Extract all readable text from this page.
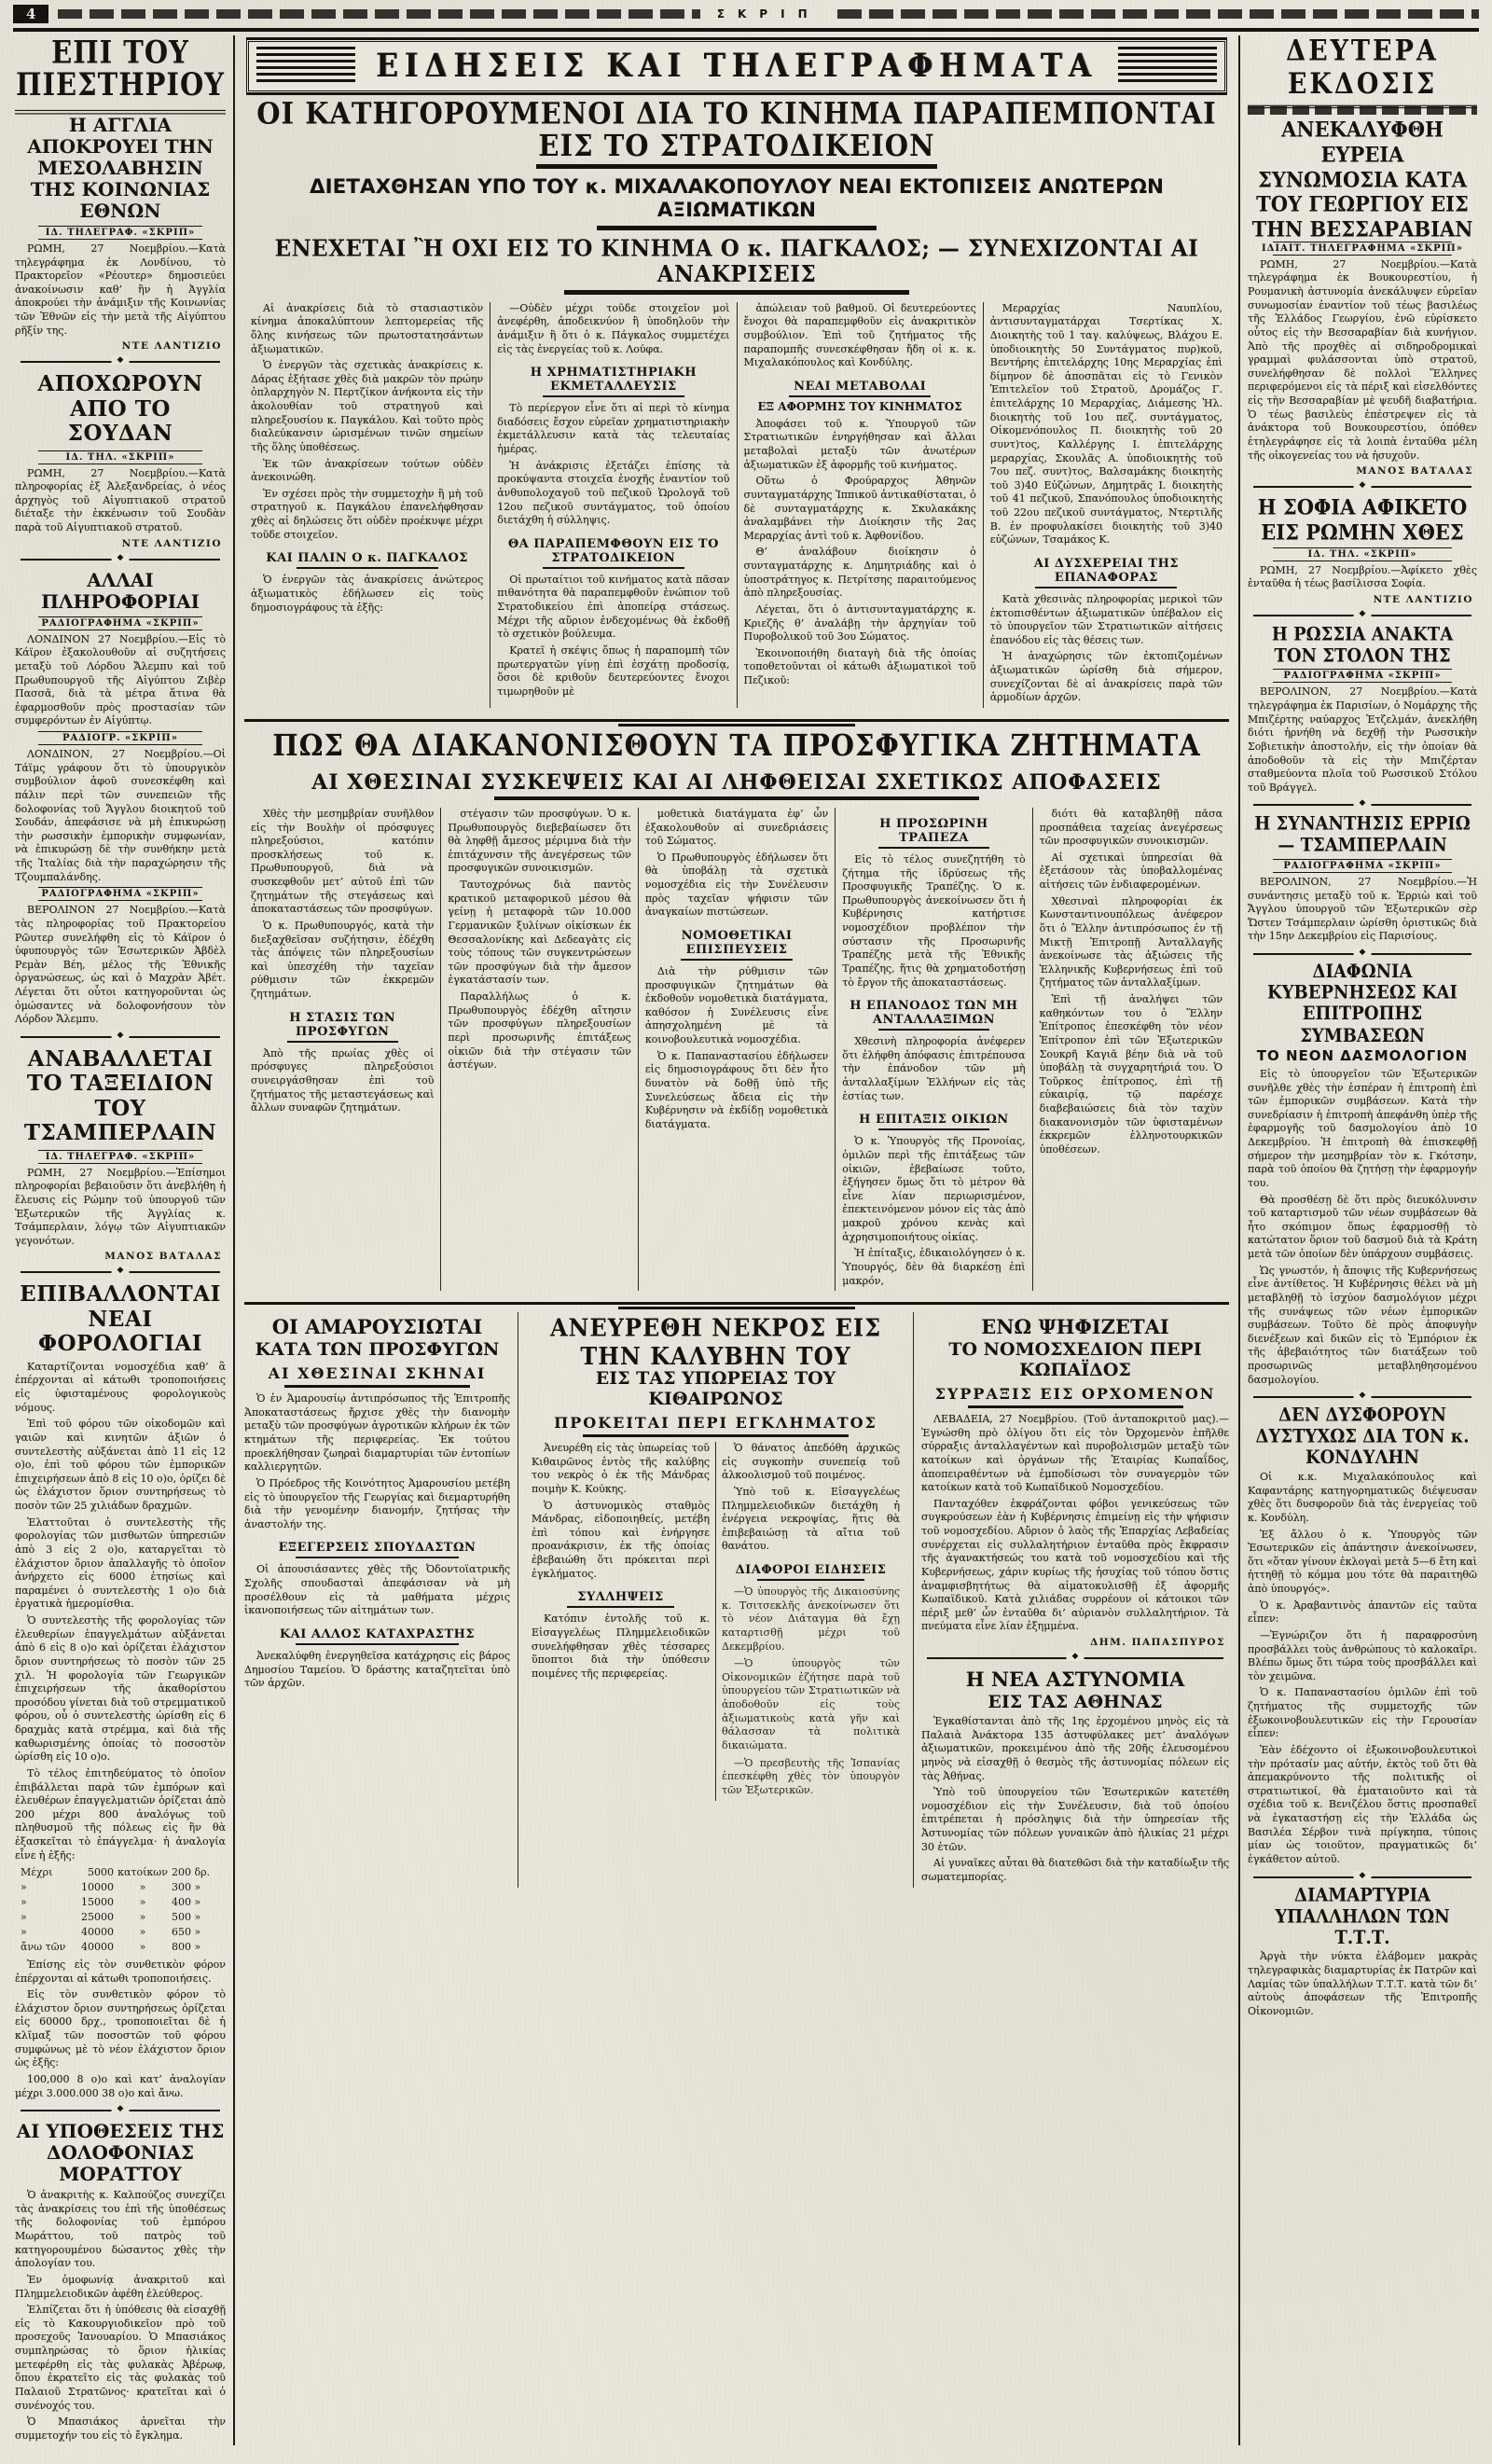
4	ΣΚΡΙΠ
ΕΠΙ ΤΟΥ ΠΙΕΣΤΗΡΙΟΥ
Η ΑΓΓΛΙΑ ΑΠΟΚΡΟΥΕΙ ΤΗΝ ΜΕΣΟΛΑΒΗΣΙΝ ΤΗΣ ΚΟΙΝΩΝΙΑΣ ΕΘΝΩΝ
ΙΔ. ΤΗΛΕΓΡΑΦ. «ΣΚΡΙΠ»
ΡΩΜΗ, 27 Νοεμβρίου.—Κατὰ τηλεγράφημα ἐκ Λονδίνου, τὸ Πρακτορεῖον «Ρέουτερ» δημοσιεύει ἀνακοίνωσιν καθ’ ἣν ἡ Ἀγγλία ἀποκρούει τὴν ἀνάμιξιν τῆς Κοινωνίας τῶν Ἐθνῶν εἰς τὴν μετὰ τῆς Αἰγύπτου ρῆξίν της.
ΝΤΕ ΛΑΝΤΙΖΙΟ
◆
ΑΠΟΧΩΡΟΥΝ ΑΠΟ ΤΟ ΣΟΥΔΑΝ
ΙΔ. ΤΗΛ. «ΣΚΡΙΠ»
ΡΩΜΗ, 27 Νοεμβρίου.—Κατὰ πληροφορίας ἐξ Ἀλεξανδρείας, ὁ νέος ἀρχηγὸς τοῦ Αἰγυπτιακοῦ στρατοῦ διέταξε τὴν ἐκκένωσιν τοῦ Σουδὰν παρὰ τοῦ Αἰγυπτιακοῦ στρατοῦ.
ΝΤΕ ΛΑΝΤΙΖΙΟ
◆
ΑΛΛΑΙ ΠΛΗΡΟΦΟΡΙΑΙ
ΡΑΔΙΟΓΡΑΦΗΜΑ «ΣΚΡΙΠ»
ΛΟΝΔΙΝΟΝ 27 Νοεμβρίου.—Εἰς τὸ Κάϊρον ἐξακολουθοῦν αἱ συζητήσεις μεταξὺ τοῦ Λόρδου Ἄλεμπυ καὶ τοῦ Πρωθυπουργοῦ τῆς Αἰγύπτου Ζιβὲρ Πασσᾶ, διὰ τὰ μέτρα ἅτινα θὰ ἐφαρμοσθοῦν πρὸς προστασίαν τῶν συμφερόντων ἐν Αἰγύπτῳ.
ΡΑΔΙΟΓΡ. «ΣΚΡΙΠ»
ΛΟΝΔΙΝΟΝ, 27 Νοεμβρίου.—Οἱ Τάϊμς γράφουν ὅτι τὸ ὑπουργικὸν συμβούλιον ἀφοῦ συνεσκέφθη καὶ πάλιν περὶ τῶν συνεπειῶν τῆς δολοφονίας τοῦ Ἄγγλου διοικητοῦ τοῦ Σουδάν, ἀπεφάσισε νὰ μὴ ἐπικυρώσῃ τὴν ρωσσικὴν ἐμπορικὴν συμφωνίαν, νὰ ἐπικυρώσῃ δὲ τὴν συνθήκην μετὰ τῆς Ἰταλίας διὰ τὴν παραχώρησιν τῆς Τζουμπαλάνδης.
ΡΑΔΙΟΓΡΑΦΗΜΑ «ΣΚΡΙΠ»
ΒΕΡΟΛΙΝΟΝ 27 Νοεμβρίου.—Κατὰ τὰς πληροφορίας τοῦ Πρακτορείου Ρῶυτερ συνελήφθη εἰς τὸ Κάϊρον ὁ ὑφυπουργὸς τῶν Ἐσωτερικῶν Ἀβδὲλ Ρεμὰν Βέη, μέλος τῆς Ἐθνικῆς ὀργανώσεως, ὡς καὶ ὁ Μαχρὰν Ἀβέτ. Λέγεται ὅτι οὗτοι κατηγοροῦνται ὡς ὀμώσαντες νὰ δολοφονήσουν τὸν Λόρδον Ἄλεμπυ.
◆
ΑΝΑΒΑΛΛΕΤΑΙ ΤΟ ΤΑΞΕΙΔΙΟΝ ΤΟΥ ΤΣΑΜΠΕΡΛΑΙΝ
ΙΔ. ΤΗΛΕΓΡΑΦ. «ΣΚΡΙΠ»
ΡΩΜΗ, 27 Νοεμβρίου.—Ἐπίσημοι πληροφορίαι βεβαιοῦσιν ὅτι ἀνεβλήθη ἡ ἔλευσις εἰς Ρώμην τοῦ ὑπουργοῦ τῶν Ἐξωτερικῶν τῆς Ἀγγλίας κ. Τσάμπερλαιν, λόγῳ τῶν Αἰγυπτιακῶν γεγονότων.
ΜΑΝΟΣ ΒΑΤΑΛΑΣ
◆
ΕΠΙΒΑΛΛΟΝΤΑΙ ΝΕΑΙ ΦΟΡΟΛΟΓΙΑΙ
Καταρτίζονται νομοσχέδια καθ’ ἃ ἐπέρχονται αἱ κάτωθι τροποποιήσεις εἰς ὑφισταμένους φορολογικοὺς νόμους.
Ἐπὶ τοῦ φόρου τῶν οἰκοδομῶν καὶ γαιῶν καὶ κινητῶν ἀξιῶν ὁ συντελεστὴς αὐξάνεται ἀπὸ 11 εἰς 12 ο)ο, ἐπὶ τοῦ φόρου τῶν ἐμπορικῶν ἐπιχειρήσεων ἀπὸ 8 εἰς 10 ο)ο, ὁρίζει δὲ ὡς ἐλάχιστον ὅριον συντηρήσεως τὸ ποσὸν τῶν 25 χιλιάδων δραχμῶν.
Ἐλαττοῦται ὁ συντελεστὴς τῆς φορολογίας τῶν μισθωτῶν ὑπηρεσιῶν ἀπὸ 3 εἰς 2 ο)ο, καταργεῖται τὸ ἐλάχιστον ὅριον ἀπαλλαγῆς τὸ ὁποῖον ἀνήρχετο εἰς 6000 ἐτησίως καὶ παραμένει ὁ συντελεστὴς 1 ο)ο διὰ ἐργατικὰ ἡμερομίσθια.
Ὁ συντελεστὴς τῆς φορολογίας τῶν ἐλευθερίων ἐπαγγελμάτων αὐξάνεται ἀπὸ 6 εἰς 8 ο)ο καὶ ὁρίζεται ἐλάχιστον ὅριον συντηρήσεως τὸ ποσὸν τῶν 25 χιλ. Ἡ φορολογία τῶν Γεωργικῶν ἐπιχειρήσεων τῆς ἀκαθορίστου προσόδου γίνεται διὰ τοῦ στρεμματικοῦ φόρου, οὗ ὁ συντελεστὴς ὡρίσθη εἰς 6 δραχμὰς κατὰ στρέμμα, καὶ διὰ τῆς καθωρισμένης ὁποίας τὸ ποσοστὸν ὡρίσθη εἰς 10 ο)ο.
Τὸ τέλος ἐπιτηδεύματος τὸ ὁποῖον ἐπιβάλλεται παρὰ τῶν ἐμπόρων καὶ ἐλευθέρων ἐπαγγελματιῶν ὁρίζεται ἀπὸ 200 μέχρι 800 ἀναλόγως τοῦ πληθυσμοῦ τῆς πόλεως εἰς ἣν θὰ ἐξασκεῖται τὸ ἐπάγγελμα· ἡ ἀναλογία εἶνε ἡ ἑξῆς:
Μέχρι	5000 κατοίκων 200 δρ.
»	10000	»	300 »
»	15000	»	400 »
»	25000	»	500 »
»	40000	»	650 »
ἄνω τῶν	40000	»	800 »
Ἐπίσης εἰς τὸν συνθετικὸν φόρον ἐπέρχονται αἱ κάτωθι τροποποιήσεις.
Εἰς τὸν συνθετικὸν φόρον τὸ ἐλάχιστον ὅριον συντηρήσεως ὁρίζεται εἰς 60000 δρχ., τροποποιεῖται δὲ ἡ κλῖμαξ τῶν ποσοστῶν τοῦ φόρου συμφώνως μὲ τὸ νέον ἐλάχιστον ὅριον ὡς ἑξῆς:
100,000 8 ο)ο καὶ κατ’ ἀναλογίαν μέχρι 3.000.000 38 ο)ο καὶ ἄνω.
◆
ΑΙ ΥΠΟΘΕΣΕΙΣ ΤΗΣ ΔΟΛΟΦΟΝΙΑΣ ΜΟΡΑΤΤΟΥ
Ὁ ἀνακριτὴς κ. Καλπούζος συνεχίζει τὰς ἀνακρίσεις του ἐπὶ τῆς ὑποθέσεως τῆς δολοφονίας τοῦ ἐμπόρου Μωράττου, τοῦ πατρὸς τοῦ κατηγορουμένου δώσαντος χθὲς τὴν ἀπολογίαν του.
Ἐν ὁμοφωνίᾳ ἀνακριτοῦ καὶ Πλημμελειοδικῶν ἀφέθη ἐλεύθερος.
Ἐλπίζεται ὅτι ἡ ὑπόθεσις θὰ εἰσαχθῇ εἰς τὸ Κακουργιοδικεῖον πρὸ τοῦ προσεχοῦς Ἰανουαρίου. Ὁ Μπασιάκος συμπληρώσας τὸ ὅριον ἡλικίας μετεφέρθη εἰς τὰς φυλακὰς Ἀβέρωφ, ὅπου ἐκρατεῖτο εἰς τὰς φυλακὰς τοῦ Παλαιοῦ Στρατῶνος· κρατεῖται καὶ ὁ συνένοχός του.
Ὁ Μπασιάκος ἀρνεῖται τὴν συμμετοχήν του εἰς τὸ ἔγκλημα.
ΕΙΔΗΣΕΙΣ ΚΑΙ ΤΗΛΕΓΡΑΦΗΜΑΤΑ
ΟΙ ΚΑΤΗΓΟΡΟΥΜΕΝΟΙ ΔΙΑ ΤΟ ΚΙΝΗΜΑ ΠΑΡΑΠΕΜΠΟΝΤΑΙ ΕΙΣ ΤΟ ΣΤΡΑΤΟΔΙΚΕΙΟΝ
ΔΙΕΤΑΧΘΗΣΑΝ ΥΠΟ ΤΟΥ κ. ΜΙΧΑΛΑΚΟΠΟΥΛΟΥ ΝΕΑΙ ΕΚΤΟΠΙΣΕΙΣ ΑΝΩΤΕΡΩΝ ΑΞΙΩΜΑΤΙΚΩΝ
ΕΝΕΧΕΤΑΙ Ἢ ΟΧΙ ΕΙΣ ΤΟ ΚΙΝΗΜΑ Ο κ. ΠΑΓΚΑΛΟΣ; — ΣΥΝΕΧΙΖΟΝΤΑΙ ΑΙ ΑΝΑΚΡΙΣΕΙΣ
Αἱ ἀνακρίσεις διὰ τὸ στασιαστικὸν κίνημα ἀποκαλύπτουν λεπτομερείας τῆς ὅλης κινήσεως τῶν πρωτοστατησάντων ἀξιωματικῶν.
Ὁ ἐνεργῶν τὰς σχετικὰς ἀνακρίσεις κ. Δάρας ἐξήτασε χθὲς διὰ μακρῶν τὸν πρώην ὁπλαρχηγὸν Ν. Περτζίκον ἀνήκοντα εἰς τὴν ἀκολουθίαν τοῦ στρατηγοῦ καὶ πληρεξουσίου κ. Παγκάλου. Καὶ τοῦτο πρὸς διαλεύκανσιν ὡρισμένων τινῶν σημείων τῆς ὅλης ὑποθέσεως.
Ἐκ τῶν ἀνακρίσεων τούτων οὐδὲν ἀνεκοινώθη.
Ἐν σχέσει πρὸς τὴν συμμετοχὴν ἢ μὴ τοῦ στρατηγοῦ κ. Παγκάλου ἐπανελήφθησαν χθὲς αἱ δηλώσεις ὅτι οὐδὲν προέκυψε μέχρι τοῦδε στοιχεῖον.
ΚΑΙ ΠΑΛΙΝ Ο κ. ΠΑΓΚΑΛΟΣ
Ὁ ἐνεργῶν τὰς ἀνακρίσεις ἀνώτερος ἀξιωματικὸς ἐδήλωσεν εἰς τοὺς δημοσιογράφους τὰ ἑξῆς:
—Οὐδὲν μέχρι τοῦδε στοιχεῖον μοὶ ἀνεφέρθη, ἀποδεικνύον ἢ ὑποδηλοῦν τὴν ἀνάμιξιν ἢ ὅτι ὁ κ. Πάγκαλος συμμετέχει εἰς τὰς ἐνεργείας τοῦ κ. Λούφα.
Η ΧΡΗΜΑΤΙΣΤΗΡΙΑΚΗ ΕΚΜΕΤΑΛΛΕΥΣΙΣ
Τὸ περίεργον εἶνε ὅτι αἱ περὶ τὸ κίνημα διαδόσεις ἔσχον εὐρεῖαν χρηματιστηριακὴν ἐκμετάλλευσιν κατὰ τὰς τελευταίας ἡμέρας.
Ἡ ἀνάκρισις ἐξετάζει ἐπίσης τὰ προκύψαντα στοιχεῖα ἐνοχῆς ἐναντίον τοῦ ἀνθυπολοχαγοῦ τοῦ πεζικοῦ Ὡρολογᾶ τοῦ 12ου πεζικοῦ συντάγματος, τοῦ ὁποίου διετάχθη ἡ σύλληψις.
ΘΑ ΠΑΡΑΠΕΜΦΘΟΥΝ ΕΙΣ ΤΟ ΣΤΡΑΤΟΔΙΚΕΙΟΝ
Οἱ πρωταίτιοι τοῦ κινήματος κατὰ πᾶσαν πιθανότητα θὰ παραπεμφθοῦν ἐνώπιον τοῦ Στρατοδικείου ἐπὶ ἀποπείρᾳ στάσεως. Μέχρι τῆς αὔριον ἐνδεχομένως θὰ ἐκδοθῇ τὸ σχετικὸν βούλευμα.
Κρατεῖ ἡ σκέψις ὅπως ἡ παραπομπὴ τῶν πρωτεργατῶν γίνῃ ἐπὶ ἐσχάτῃ προδοσίᾳ, ὅσοι δὲ κριθοῦν δευτερεύοντες ἔνοχοι τιμωρηθοῦν μὲ
ἀπώλειαν τοῦ βαθμοῦ. Οἱ δευτερεύοντες ἔνοχοι θὰ παραπεμφθοῦν εἰς ἀνακριτικὸν συμβούλιον. Ἐπὶ τοῦ ζητήματος τῆς παραπομπῆς συνεσκέφθησαν ἤδη οἱ κ. κ. Μιχαλακόπουλος καὶ Κονδύλης.
ΝΕΑΙ ΜΕΤΑΒΟΛΑΙ
ΕΞ ΑΦΟΡΜΗΣ ΤΟΥ ΚΙΝΗΜΑΤΟΣ
Ἀποφάσει τοῦ κ. Ὑπουργοῦ τῶν Στρατιωτικῶν ἐνηργήθησαν καὶ ἄλλαι μεταβολαὶ μεταξὺ τῶν ἀνωτέρων ἀξιωματικῶν ἐξ ἀφορμῆς τοῦ κινήματος.
Οὕτω ὁ Φρούραρχος Ἀθηνῶν συνταγματάρχης Ἰππικοῦ ἀντικαθίσταται, ὁ δὲ συνταγματάρχης κ. Σκυλακάκης ἀναλαμβάνει τὴν Διοίκησιν τῆς 2ας Μεραρχίας ἀντὶ τοῦ κ. Ἀφθονίδου.
Θ’ ἀναλάβουν διοίκησιν ὁ συνταγματάρχης κ. Δημητριάδης καὶ ὁ ὑποστράτηγος κ. Πετρίτσης παραιτούμενος ἀπὸ πληρεξουσίας.
Λέγεται, ὅτι ὁ ἀντισυνταγματάρχης κ. Κριεζῆς θ’ ἀναλάβῃ τὴν ἀρχηγίαν τοῦ Πυροβολικοῦ τοῦ 3ου Σώματος.
Ἐκοινοποιήθη διαταγὴ διὰ τῆς ὁποίας τοποθετοῦνται οἱ κάτωθι ἀξιωματικοὶ τοῦ Πεζικοῦ:
Μεραρχίας Ναυπλίου, ἀντισυνταγματάρχαι Τσερτίκας Χ. Διοικητὴς τοῦ 1 ταγ. καλύψεως, Βλάχου Ε. ὑποδιοικητὴς 50 Συντάγματος πυρ)κοῦ, Βεντήρης ἐπιτελάρχης 10ης Μεραρχίας ἐπὶ δίμηνον δὲ ἀποσπᾶται εἰς τὸ Γενικὸν Ἐπιτελεῖον τοῦ Στρατοῦ, Δρομάζος Γ. ἐπιτελάρχης 10 Μεραρχίας, Διάμεσης Ἠλ. διοικητὴς τοῦ 1ου πεζ. συντάγματος, Οἰκομενόπουλος Π. διοικητὴς τοῦ 20 συντ)τος, Καλλέργης Ι. ἐπιτελάρχης μεραρχίας, Σκουλᾶς Α. ὑποδιοικητὴς τοῦ 7ου πεζ. συντ)τος, Βαλσαμάκης διοικητὴς τοῦ 3)40 Εὐζώνων, Δημητρᾶς Ι. διοικητὴς τοῦ 41 πεζικοῦ, Σπανόπουλος ὑποδιοικητὴς τοῦ 22ου πεζικοῦ συντάγματος, Ντερτιλῆς Β. ἐν προφυλακίσει διοικητὴς τοῦ 3)40 εὐζώνων, Τσαμάκος Κ.
ΑΙ ΔΥΣΧΕΡΕΙΑΙ ΤΗΣ ΕΠΑΝΑΦΟΡΑΣ
Κατὰ χθεσινὰς πληροφορίας μερικοὶ τῶν ἐκτοπισθέντων ἀξιωματικῶν ὑπέβαλον εἰς τὸ ὑπουργεῖον τῶν Στρατιωτικῶν αἰτήσεις ἐπανόδου εἰς τὰς θέσεις των.
Ἡ ἀναχώρησις τῶν ἐκτοπιζομένων ἀξιωματικῶν ὡρίσθη διὰ σήμερον, συνεχίζονται δὲ αἱ ἀνακρίσεις παρὰ τῶν ἁρμοδίων ἀρχῶν.
ΠΩΣ ΘΑ ΔΙΑΚΑΝΟΝΙΣΘΟΥΝ ΤΑ ΠΡΟΣΦΥΓΙΚΑ ΖΗΤΗΜΑΤΑ
ΑΙ ΧΘΕΣΙΝΑΙ ΣΥΣΚΕΨΕΙΣ ΚΑΙ ΑΙ ΛΗΦΘΕΙΣΑΙ ΣΧΕΤΙΚΩΣ ΑΠΟΦΑΣΕΙΣ
Χθὲς τὴν μεσημβρίαν συνῆλθον εἰς τὴν Βουλὴν οἱ πρόσφυγες πληρεξούσιοι, κατόπιν προσκλήσεως τοῦ κ. Πρωθυπουργοῦ, διὰ νὰ συσκεφθοῦν μετ’ αὐτοῦ ἐπὶ τῶν ζητημάτων τῆς στεγάσεως καὶ ἀποκαταστάσεως τῶν προσφύγων.
Ὁ κ. Πρωθυπουργός, κατὰ τὴν διεξαχθεῖσαν συζήτησιν, ἐδέχθη τὰς ἀπόψεις τῶν πληρεξουσίων καὶ ὑπεσχέθη τὴν ταχεῖαν ρύθμισιν τῶν ἐκκρεμῶν ζητημάτων.
Η ΣΤΑΣΙΣ ΤΩΝ ΠΡΟΣΦΥΓΩΝ
Ἀπὸ τῆς πρωίας χθὲς οἱ πρόσφυγες πληρεξούσιοι συνειργάσθησαν ἐπὶ τοῦ ζητήματος τῆς μεταστεγάσεως καὶ ἄλλων συναφῶν ζητημάτων.
στέγασιν τῶν προσφύγων. Ὁ κ. Πρωθυπουργὸς διεβεβαίωσεν ὅτι θὰ ληφθῇ ἄμεσος μέριμνα διὰ τὴν ἐπιτάχυνσιν τῆς ἀνεγέρσεως τῶν προσφυγικῶν συνοικισμῶν.
Ταυτοχρόνως διὰ παντὸς κρατικοῦ μεταφορικοῦ μέσου θὰ γείνῃ ἡ μεταφορὰ τῶν 10.000 Γερμανικῶν ξυλίνων οἰκίσκων ἐκ Θεσσαλονίκης καὶ Δεδεαγὰτς εἰς τοὺς τόπους τῶν συγκεντρώσεων τῶν προσφύγων διὰ τὴν ἄμεσον ἐγκατάστασίν των.
Παραλλήλως ὁ κ. Πρωθυπουργὸς ἐδέχθη αἴτησιν τῶν προσφύγων πληρεξουσίων περὶ προσωρινῆς ἐπιτάξεως οἰκιῶν διὰ τὴν στέγασιν τῶν ἀστέγων.
μοθετικὰ διατάγματα ἐφ’ ὧν ἐξακολουθοῦν αἱ συνεδριάσεις τοῦ Σώματος.
Ὁ Πρωθυπουργὸς ἐδήλωσεν ὅτι θὰ ὑποβάλῃ τὰ σχετικὰ νομοσχέδια εἰς τὴν Συνέλευσιν πρὸς ταχεῖαν ψήφισιν τῶν ἀναγκαίων πιστώσεων.
ΝΟΜΟΘΕΤΙΚΑΙ ΕΠΙΣΠΕΥΣΕΙΣ
Διὰ τὴν ρύθμισιν τῶν προσφυγικῶν ζητημάτων θὰ ἐκδοθοῦν νομοθετικὰ διατάγματα, καθόσον ἡ Συνέλευσις εἶνε ἀπησχολημένη μὲ τὰ κοινοβουλευτικὰ νομοσχέδια.
Ὁ κ. Παπαναστασίου ἐδήλωσεν εἰς δημοσιογράφους ὅτι δὲν ἦτο δυνατὸν νὰ δοθῇ ὑπὸ τῆς Συνελεύσεως ἄδεια εἰς τὴν Κυβέρνησιν νὰ ἐκδίδῃ νομοθετικὰ διατάγματα.
Η ΠΡΟΣΩΡΙΝΗ ΤΡΑΠΕΖΑ
Εἰς τὸ τέλος συνεζητήθη τὸ ζήτημα τῆς ἱδρύσεως τῆς Προσφυγικῆς Τραπέζης. Ὁ κ. Πρωθυπουργὸς ἀνεκοίνωσεν ὅτι ἡ Κυβέρνησις κατήρτισε νομοσχέδιον προβλέπον τὴν σύστασιν τῆς Προσωρινῆς Τραπέζης μετὰ τῆς Ἐθνικῆς Τραπέζης, ἥτις θὰ χρηματοδοτήσῃ τὸ ἔργον τῆς ἀποκαταστάσεως.
Η ΕΠΑΝΟΔΟΣ ΤΩΝ ΜΗ ΑΝΤΑΛΛΑΞΙΜΩΝ
Χθεσινὴ πληροφορία ἀνέφερεν ὅτι ἐλήφθη ἀπόφασις ἐπιτρέπουσα τὴν ἐπάνοδον τῶν μὴ ἀνταλλαξίμων Ἑλλήνων εἰς τὰς ἑστίας των.
Η ΕΠΙΤΑΞΙΣ ΟΙΚΙΩΝ
Ὁ κ. Ὑπουργὸς τῆς Προνοίας, ὁμιλῶν περὶ τῆς ἐπιτάξεως τῶν οἰκιῶν, ἐβεβαίωσε τοῦτο, ἐξήγησεν ὅμως ὅτι τὸ μέτρον θὰ εἶνε λίαν περιωρισμένον, ἐπεκτεινόμενον μόνον εἰς τὰς ἀπὸ μακροῦ χρόνου κενὰς καὶ ἀχρησιμοποιήτους οἰκίας.
Ἡ ἐπίταξις, ἐδικαιολόγησεν ὁ κ. Ὑπουργός, δὲν θὰ διαρκέσῃ ἐπὶ μακρόν,
διότι θὰ καταβληθῇ πᾶσα προσπάθεια ταχείας ἀνεγέρσεως τῶν προσφυγικῶν συνοικισμῶν.
Αἱ σχετικαὶ ὑπηρεσίαι θὰ ἐξετάσουν τὰς ὑποβαλλομένας αἰτήσεις τῶν ἐνδιαφερομένων.
Χθεσιναὶ πληροφορίαι ἐκ Κωνσταντινουπόλεως ἀνέφερον ὅτι ὁ Ἕλλην ἀντιπρόσωπος ἐν τῇ Μικτῇ Ἐπιτροπῇ Ἀνταλλαγῆς ἀνεκοίνωσε τὰς ἀξιώσεις τῆς Ἑλληνικῆς Κυβερνήσεως ἐπὶ τοῦ ζητήματος τῶν ἀνταλλαξίμων.
Ἐπὶ τῇ ἀναλήψει τῶν καθηκόντων του ὁ Ἕλλην Ἐπίτροπος ἐπεσκέφθη τὸν νέον Ἐπίτροπον ἐπὶ τῶν Ἐξωτερικῶν Σουκρῆ Καγιᾶ βέην διὰ νὰ τοῦ ὑποβάλῃ τὰ συγχαρητήριά του. Ὁ Τοῦρκος ἐπίτροπος, ἐπὶ τῇ εὐκαιρίᾳ, τῷ παρέσχε διαβεβαιώσεις διὰ τὸν ταχὺν διακανονισμὸν τῶν ὑφισταμένων ἐκκρεμῶν ἑλληνοτουρκικῶν ὑποθέσεων.
ΟΙ ΑΜΑΡΟΥΣΙΩΤΑΙ
ΚΑΤΑ ΤΩΝ ΠΡΟΣΦΥΓΩΝ
ΑΙ ΧΘΕΣΙΝΑΙ ΣΚΗΝΑΙ
Ὁ ἐν Ἀμαρουσίῳ ἀντιπρόσωπος τῆς Ἐπιτροπῆς Ἀποκαταστάσεως ἤρχισε χθὲς τὴν διανομὴν μεταξὺ τῶν προσφύγων ἀγροτικῶν κλήρων ἐκ τῶν κτημάτων τῆς περιφερείας. Ἐκ τούτου προεκλήθησαν ζωηραὶ διαμαρτυρίαι τῶν ἐντοπίων καλλιεργητῶν.
Ὁ Πρόεδρος τῆς Κοινότητος Ἀμαρουσίου μετέβη εἰς τὸ ὑπουργεῖον τῆς Γεωργίας καὶ διεμαρτυρήθη διὰ τὴν γενομένην διανομήν, ζητήσας τὴν ἀναστολήν της.
ΕΞΕΓΕΡΣΕΙΣ ΣΠΟΥΔΑΣΤΩΝ
Οἱ ἀπουσιάσαντες χθὲς τῆς Ὀδοντοϊατρικῆς Σχολῆς σπουδασταὶ ἀπεφάσισαν νὰ μὴ προσέλθουν εἰς τὰ μαθήματα μέχρις ἱκανοποιήσεως τῶν αἰτημάτων των.
ΚΑΙ ΑΛΛΟΣ ΚΑΤΑΧΡΑΣΤΗΣ
Ἀνεκαλύφθη ἐνεργηθεῖσα κατάχρησις εἰς βάρος Δημοσίου Ταμείου. Ὁ δράστης καταζητεῖται ὑπὸ τῶν ἀρχῶν.
ΑΝΕΥΡΕΘΗ ΝΕΚΡΟΣ ΕΙΣ ΤΗΝ ΚΑΛΥΒΗΝ ΤΟΥ
ΕΙΣ ΤΑΣ ΥΠΩΡΕΙΑΣ ΤΟΥ ΚΙΘΑΙΡΩΝΟΣ
ΠΡΟΚΕΙΤΑΙ ΠΕΡΙ ΕΓΚΛΗΜΑΤΟΣ
Ἀνευρέθη εἰς τὰς ὑπωρείας τοῦ Κιθαιρῶνος ἐντὸς τῆς καλύβης του νεκρὸς ὁ ἐκ τῆς Μάνδρας ποιμὴν Κ. Κούκης.
Ὁ ἀστυνομικὸς σταθμὸς Μάνδρας, εἰδοποιηθείς, μετέβη ἐπὶ τόπου καὶ ἐνήργησε προανάκρισιν, ἐκ τῆς ὁποίας ἐβεβαιώθη ὅτι πρόκειται περὶ ἐγκλήματος.
ΣΥΛΛΗΨΕΙΣ
Κατόπιν ἐντολῆς τοῦ κ. Εἰσαγγελέως Πλημμελειοδικῶν συνελήφθησαν χθὲς τέσσαρες ὕποπτοι διὰ τὴν ὑπόθεσιν ποιμένες τῆς περιφερείας.
Ὁ θάνατος ἀπεδόθη ἀρχικῶς εἰς συγκοπὴν συνεπείᾳ τοῦ ἀλκοολισμοῦ τοῦ ποιμένος.
Ὑπὸ τοῦ κ. Εἰσαγγελέως Πλημμελειοδικῶν διετάχθη ἡ ἐνέργεια νεκροψίας, ἥτις θὰ ἐπιβεβαιώσῃ τὰ αἴτια τοῦ θανάτου.
ΔΙΑΦΟΡΟΙ ΕΙΔΗΣΕΙΣ
—Ὁ ὑπουργὸς τῆς Δικαιοσύνης κ. Τσιτσεκλῆς ἀνεκοίνωσεν ὅτι τὸ νέον Διάταγμα θὰ ἔχῃ καταρτισθῇ μέχρι τοῦ Δεκεμβρίου.
—Ὁ ὑπουργὸς τῶν Οἰκονομικῶν ἐζήτησε παρὰ τοῦ ὑπουργείου τῶν Στρατιωτικῶν νὰ ἀποδοθοῦν εἰς τοὺς ἀξιωματικοὺς κατὰ γῆν καὶ θάλασσαν τὰ πολιτικὰ δικαιώματα.
—Ὁ πρεσβευτὴς τῆς Ἱσπανίας ἐπεσκέφθη χθὲς τὸν ὑπουργὸν τῶν Ἐξωτερικῶν.
ΕΝΩ ΨΗΦΙΖΕΤΑΙ
ΤΟ ΝΟΜΟΣΧΕΔΙΟΝ ΠΕΡΙ ΚΩΠΑΪΔΟΣ
ΣΥΡΡΑΞΙΣ ΕΙΣ ΟΡΧΟΜΕΝΟΝ
ΛΕΒΑΔΕΙΑ, 27 Νοεμβρίου. (Τοῦ ἀνταποκριτοῦ μας).—Ἐγνώσθη πρὸ ὀλίγου ὅτι εἰς τὸν Ὀρχομενὸν ἐπῆλθε σύρραξις ἀνταλλαγέντων καὶ πυροβολισμῶν μεταξὺ τῶν κατοίκων καὶ ὀργάνων τῆς Ἑταιρίας Κωπαΐδος, ἀποπειραθέντων νὰ ἐμποδίσωσι τὸν συναγερμὸν τῶν κατοίκων κατὰ τοῦ Κωπαϊδικοῦ Νομοσχεδίου.
Πανταχόθεν ἐκφράζονται φόβοι γενικεύσεως τῶν συγκρούσεων ἐὰν ἡ Κυβέρνησις ἐπιμείνῃ εἰς τὴν ψήφισιν τοῦ νομοσχεδίου. Αὔριον ὁ λαὸς τῆς Ἐπαρχίας Λεβαδείας συνέρχεται εἰς συλλαλητήριον ἐνταῦθα πρὸς ἔκφρασιν τῆς ἀγανακτήσεώς του κατὰ τοῦ νομοσχεδίου καὶ τῆς Κυβερνήσεως, χάριν κυρίως τῆς ἡσυχίας τοῦ τόπου ὅστις ἀναμφισβητήτως θὰ αἱματοκυλισθῇ ἐξ ἀφορμῆς Κωπαϊδικοῦ. Κατὰ χιλιάδας συρρέουν οἱ κάτοικοι τῶν πέριξ μεθ’ ὧν ἐνταῦθα δι’ αὐριανὸν συλλαλητήριον. Τὰ πνεύματα εἶνε λίαν ἐξημμένα.
ΔΗΜ. ΠΑΠΑΣΠΥΡΟΣ
◆
Η ΝΕΑ ΑΣΤΥΝΟΜΙΑ
ΕΙΣ ΤΑΣ ΑΘΗΝΑΣ
Ἐγκαθίστανται ἀπὸ τῆς 1ης ἐρχομένου μηνὸς εἰς τὰ Παλαιὰ Ἀνάκτορα 135 ἀστυφύλακες μετ’ ἀναλόγων ἀξιωματικῶν, προκειμένου ἀπὸ τῆς 20ῆς ἐλευσομένου μηνὸς νὰ εἰσαχθῇ ὁ θεσμὸς τῆς ἀστυνομίας πόλεων εἰς τὰς Ἀθήνας.
Ὑπὸ τοῦ ὑπουργείου τῶν Ἐσωτερικῶν κατετέθη νομοσχέδιον εἰς τὴν Συνέλευσιν, διὰ τοῦ ὁποίου ἐπιτρέπεται ἡ πρόσληψις διὰ τὴν ὑπηρεσίαν τῆς Ἀστυνομίας τῶν πόλεων γυναικῶν ἀπὸ ἡλικίας 21 μέχρι 30 ἐτῶν.
Αἱ γυναῖκες αὗται θὰ διατεθῶσι διὰ τὴν καταδίωξιν τῆς σωματεμπορίας.
ΔΕΥΤΕΡΑ ΕΚΔΟΣΙΣ
ΑΝΕΚΑΛΥΦΘΗ ΕΥΡΕΙΑ ΣΥΝΩΜΟΣΙΑ ΚΑΤΑ ΤΟΥ ΓΕΩΡΓΙΟΥ ΕΙΣ ΤΗΝ ΒΕΣΣΑΡΑΒΙΑΝ
ΙΔΙΑΙΤ. ΤΗΛΕΓΡΑΦΗΜΑ «ΣΚΡΙΠ»
ΡΩΜΗ, 27 Νοεμβρίου.—Κατὰ τηλεγράφημα ἐκ Βουκουρεστίου, ἡ Ρουμανικὴ ἀστυνομία ἀνεκάλυψεν εὐρεῖαν συνωμοσίαν ἐναντίον τοῦ τέως βασιλέως τῆς Ἑλλάδος Γεωργίου, ἐνῶ εὑρίσκετο οὗτος εἰς τὴν Βεσσαραβίαν διὰ κυνήγιον. Ἀπὸ τῆς προχθὲς αἱ σιδηροδρομικαὶ γραμμαὶ φυλάσσονται ὑπὸ στρατοῦ, συνελήφθησαν δὲ πολλοὶ Ἕλληνες περιφερόμενοι εἰς τὰ πέριξ καὶ εἰσελθόντες εἰς τὴν Βεσσαραβίαν μὲ ψευδῆ διαβατήρια. Ὁ τέως βασιλεὺς ἐπέστρεψεν εἰς τὰ ἀνάκτορα τοῦ Βουκουρεστίου, ὁπόθεν ἐτηλεγράφησε εἰς τὰ λοιπὰ ἐνταῦθα μέλη τῆς οἰκογενείας του νὰ ἡσυχοῦν.
ΜΑΝΟΣ ΒΑΤΑΛΑΣ
◆
Η ΣΟΦΙΑ ΑΦΙΚΕΤΟ ΕΙΣ ΡΩΜΗΝ ΧΘΕΣ
ΙΔ. ΤΗΛ. «ΣΚΡΙΠ»
ΡΩΜΗ, 27 Νοεμβρίου.—Ἀφίκετο χθὲς ἐνταῦθα ἡ τέως βασίλισσα Σοφία.
ΝΤΕ ΛΑΝΤΙΖΙΟ
◆
Η ΡΩΣΣΙΑ ΑΝΑΚΤΑ ΤΟΝ ΣΤΟΛΟΝ ΤΗΣ
ΡΑΔΙΟΓΡΑΦΗΜΑ «ΣΚΡΙΠ»
ΒΕΡΟΛΙΝΟΝ, 27 Νοεμβρίου.—Κατὰ τηλεγράφημα ἐκ Παρισίων, ὁ Νομάρχης τῆς Μπιζέρτης ναύαρχος Ἐτζελμάν, ἀνεκλήθη διότι ἠρνήθη νὰ δεχθῇ τὴν Ρωσσικὴν Σοβιετικὴν ἀποστολήν, εἰς τὴν ὁποίαν θὰ ἀποδοθοῦν τὰ εἰς τὴν Μπιζέρταν σταθμεύοντα πλοῖα τοῦ Ρωσσικοῦ Στόλου τοῦ Βράγγελ.
◆
Η ΣΥΝΑΝΤΗΣΙΣ ΕΡΡΙΩ — ΤΣΑΜΠΕΡΛΑΙΝ
ΡΑΔΙΟΓΡΑΦΗΜΑ «ΣΚΡΙΠ»
ΒΕΡΟΛΙΝΟΝ, 27 Νοεμβρίου.—Ἡ συνάντησις μεταξὺ τοῦ κ. Ἐρριὼ καὶ τοῦ Ἄγγλου ὑπουργοῦ τῶν Ἐξωτερικῶν σὲρ Ὤστεν Τσάμπερλαιν ὡρίσθη ὁριστικῶς διὰ τὴν 15ην Δεκεμβρίου εἰς Παρισίους.
◆
ΔΙΑΦΩΝΙΑ ΚΥΒΕΡΝΗΣΕΩΣ ΚΑΙ ΕΠΙΤΡΟΠΗΣ ΣΥΜΒΑΣΕΩΝ
ΤΟ ΝΕΟΝ ΔΑΣΜΟΛΟΓΙΟΝ
Εἰς τὸ ὑπουργεῖον τῶν Ἐξωτερικῶν συνῆλθε χθὲς τὴν ἑσπέραν ἡ ἐπιτροπὴ ἐπὶ τῶν ἐμπορικῶν συμβάσεων. Κατὰ τὴν συνεδρίασιν ἡ ἐπιτροπὴ ἀπεφάνθη ὑπὲρ τῆς ἐφαρμογῆς τοῦ δασμολογίου ἀπὸ 10 Δεκεμβρίου. Ἡ ἐπιτροπὴ θὰ ἐπισκεφθῇ σήμερον τὴν μεσημβρίαν τὸν κ. Γκότσην, παρὰ τοῦ ὁποίου θὰ ζητήσῃ τὴν ἐφαρμογήν του.
Θὰ προσθέσῃ δὲ ὅτι πρὸς διευκόλυνσιν τοῦ καταρτισμοῦ τῶν νέων συμβάσεων θὰ ἦτο σκόπιμον ὅπως ἐφαρμοσθῇ τὸ κατώτατον ὅριον τοῦ δασμοῦ διὰ τὰ Κράτη μετὰ τῶν ὁποίων δὲν ὑπάρχουν συμβάσεις.
Ὡς γνωστόν, ἡ ἄποψις τῆς Κυβερνήσεως εἶνε ἀντίθετος. Ἡ Κυβέρνησις θέλει νὰ μὴ μεταβληθῇ τὸ ἰσχύον δασμολόγιον μέχρι τῆς συνάψεως τῶν νέων ἐμπορικῶν συμβάσεων. Τοῦτο δὲ πρὸς ἀποφυγὴν διενέξεων καὶ δικῶν εἰς τὸ Ἐμπόριον ἐκ τῆς ἀβεβαιότητος τῶν διατάξεων τοῦ προσωρινῶς μεταβληθησομένου δασμολογίου.
◆
ΔΕΝ ΔΥΣΦΟΡΟΥΝ ΔΥΣΤΥΧΩΣ ΔΙΑ ΤΟΝ κ. ΚΟΝΔΥΛΗΝ
Οἱ κ.κ. Μιχαλακόπουλος καὶ Καφαντάρης κατηγορηματικῶς διέψευσαν χθὲς ὅτι δυσφοροῦν διὰ τὰς ἐνεργείας τοῦ κ. Κονδύλη.
Ἐξ ἄλλου ὁ κ. Ὑπουργὸς τῶν Ἐσωτερικῶν εἰς ἀπάντησιν ἀνεκοίνωσεν, ὅτι «ὅταν γίνουν ἐκλογαὶ μετὰ 5—6 ἔτη καὶ ἡττηθῇ τὸ κόμμα μου τότε θὰ παραιτηθῶ ἀπὸ ὑπουργός».
Ὁ κ. Ἀραβαντινὸς ἀπαντῶν εἰς ταῦτα εἶπεν:
—Ἐγνώριζον ὅτι ἡ παραφροσύνη προσβάλλει τοὺς ἀνθρώπους τὸ καλοκαῖρι. Βλέπω ὅμως ὅτι τώρα τοὺς προσβάλλει καὶ τὸν χειμῶνα.
Ὁ κ. Παπαναστασίου ὁμιλῶν ἐπὶ τοῦ ζητήματος τῆς συμμετοχῆς τῶν ἐξωκοινοβουλευτικῶν εἰς τὴν Γερουσίαν εἶπεν:
Ἐὰν ἐδέχοντο οἱ ἐξωκοινοβουλευτικοὶ τὴν πρότασίν μας αὐτήν, ἐκτὸς τοῦ ὅτι θὰ ἀπεμακρύνοντο τῆς πολιτικῆς οἱ στρατιωτικοί, θὰ ἐματαιοῦντο καὶ τὰ σχέδια τοῦ κ. Βενιζέλου ὅστις προσπαθεῖ νὰ ἐγκαταστήσῃ εἰς τὴν Ἑλλάδα ὡς Βασιλέα Σέρβον τινὰ πρίγκηπα, τύποις μίαν ὡς τοιοῦτον, πραγματικῶς δι’ ἐγκάθετον αὐτοῦ.
◆
ΔΙΑΜΑΡΤΥΡΙΑ ΥΠΑΛΛΗΛΩΝ ΤΩΝ Τ.Τ.Τ.
Ἀργὰ τὴν νύκτα ἐλάβομεν μακρὰς τηλεγραφικὰς διαμαρτυρίας ἐκ Πατρῶν καὶ Λαμίας τῶν ὑπαλλήλων Τ.Τ.Τ. κατὰ τῶν δι’ αὐτοὺς ἀποφάσεων τῆς Ἐπιτροπῆς Οἰκονομιῶν.
